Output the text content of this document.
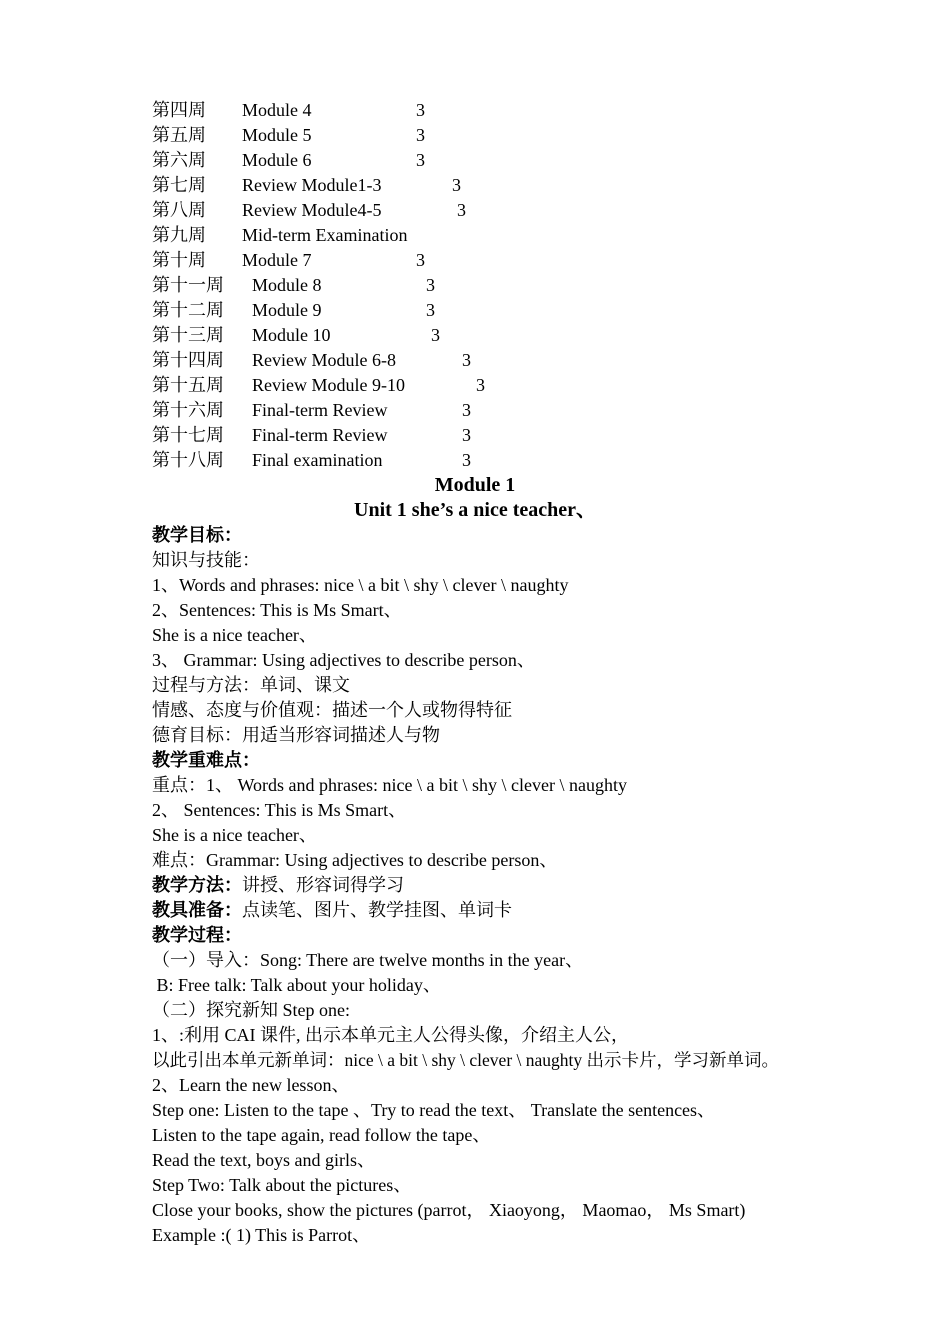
第四周 Module 4	3
第五周 Module 5	3
第六周 Module 6	3
第七周 Review Module1-3	3
第八周 Review Module4-5	3
第九周 Mid-term Examination
第十周 Module 7	3
第十一周 Module 8	3
第十二周 Module 9	3
第十三周 Module 10	3
第十四周 Review Module 6-8	3
第十五周 Review Module 9-10	3
第十六周 Final-term Review	3
第十七周 Final-term Review	3
第十八周 Final examination	3
Module 1
Unit 1 she’s a nice teacher、
教学目标：
知识与技能：
1、Words and phrases: nice \ a bit \ shy \ clever \ naughty
2、Sentences: This is Ms Smart、
She is a nice teacher、
3、 Grammar: Using adjectives to describe person、
过程与方法：单词、课文
情感、态度与价值观：描述一个人或物得特征
德育目标：用适当形容词描述人与物
教学重难点：
重点：1、 Words and phrases: nice \ a bit \ shy \ clever \ naughty
2、 Sentences: This is Ms Smart、
She is a nice teacher、
难点：Grammar: Using adjectives to describe person、
教学方法：讲授、形容词得学习
教具准备：点读笔、图片、教学挂图、单词卡
教学过程：
（一）导入：Song: There are twelve months in the year、
B: Free talk: Talk about your holiday、
（二）探究新知 Step one:
1、:利用 CAI 课件, 出示本单元主人公得头像，介绍主人公，
以此引出本单元新单词：nice \ a bit \ shy \ clever \ naughty 出示卡片，学习新单词。
2、Learn the new lesson、
Step one: Listen to the tape 、Try to read the text、 Translate the sentences、
Listen to the tape again, read follow the tape、
Read the text, boys and girls、
Step Two: Talk about the pictures、
Close your books, show the pictures (parrot， Xiaoyong， Maomao， Ms Smart)
Example :( 1) This is Parrot、
